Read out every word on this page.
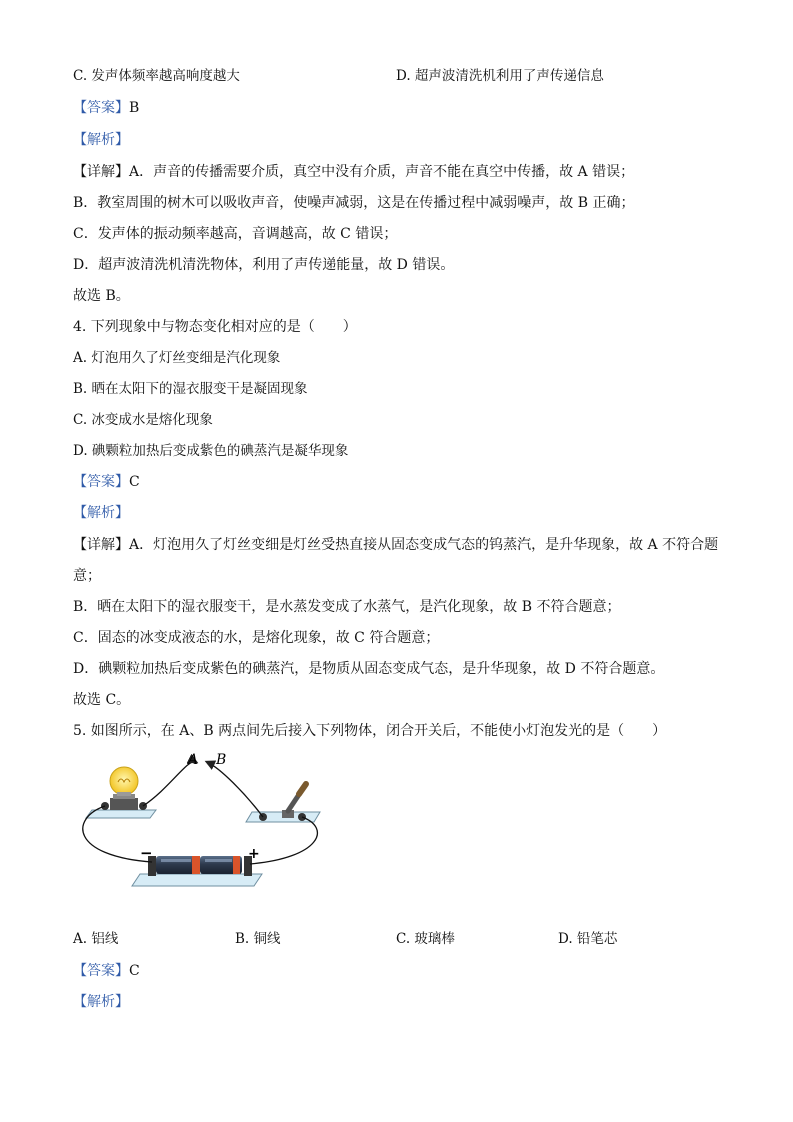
C. 发声体频率越高响度越大	D. 超声波清洗机利用了声传递信息
【答案】B
【解析】
【详解】A．声音的传播需要介质，真空中没有介质，声音不能在真空中传播，故 A 错误；
B．教室周围的树木可以吸收声音，使噪声减弱，这是在传播过程中减弱噪声，故 B 正确；
C．发声体的振动频率越高，音调越高，故 C 错误；
D．超声波清洗机清洗物体，利用了声传递能量，故 D 错误。
故选 B。
4. 下列现象中与物态变化相对应的是（　　）
A. 灯泡用久了灯丝变细是汽化现象
B. 晒在太阳下的湿衣服变干是凝固现象
C. 冰变成水是熔化现象
D. 碘颗粒加热后变成紫色的碘蒸汽是凝华现象
【答案】C
【解析】
【详解】A．灯泡用久了灯丝变细是灯丝受热直接从固态变成气态的钨蒸汽，是升华现象，故 A 不符合题
意；
B．晒在太阳下的湿衣服变干，是水蒸发变成了水蒸气，是汽化现象，故 B 不符合题意；
C．固态的冰变成液态的水，是熔化现象，故 C 符合题意；
D．碘颗粒加热后变成紫色的碘蒸汽，是物质从固态变成气态，是升华现象，故 D 不符合题意。
故选 C。
5. 如图所示，在 A、B 两点间先后接入下列物体，闭合开关后，不能使小灯泡发光的是（　　）
−	+
A B
A. 铝线	B. 铜线	C. 玻璃棒	D. 铅笔芯
【答案】C
【解析】
